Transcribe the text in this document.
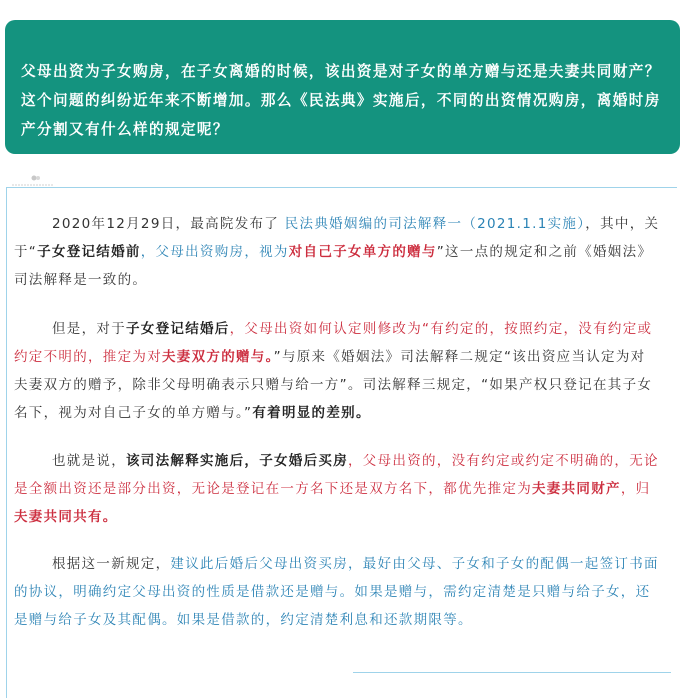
父母出资为子女购房，在子女离婚的时候，该出资是对子女的单方赠与还是夫妻共同财产？这个问题的纠纷近年来不断增加。那么《民法典》实施后，不同的出资情况购房，离婚时房产分割又有什么样的规定呢？
2020年12月29日，最高院发布了 民法典婚姻编的司法解释一（2021.1.1实施），其中，关于“子女登记结婚前，父母出资购房，视为对自己子女单方的赠与”这一点的规定和之前《婚姻法》司法解释是一致的。
但是，对于子女登记结婚后，父母出资如何认定则修改为“有约定的，按照约定，没有约定或约定不明的，推定为对夫妻双方的赠与。”与原来《婚姻法》司法解释二规定“该出资应当认定为对夫妻双方的赠予，除非父母明确表示只赠与给一方”。司法解释三规定，“如果产权只登记在其子女名下，视为对自己子女的单方赠与。”有着明显的差别。
也就是说，该司法解释实施后，子女婚后买房，父母出资的，没有约定或约定不明确的，无论是全额出资还是部分出资，无论是登记在一方名下还是双方名下，都优先推定为夫妻共同财产，归夫妻共同共有。
根据这一新规定，建议此后婚后父母出资买房，最好由父母、子女和子女的配偶一起签订书面的协议，明确约定父母出资的性质是借款还是赠与。如果是赠与，需约定清楚是只赠与给子女，还是赠与给子女及其配偶。如果是借款的，约定清楚利息和还款期限等。
